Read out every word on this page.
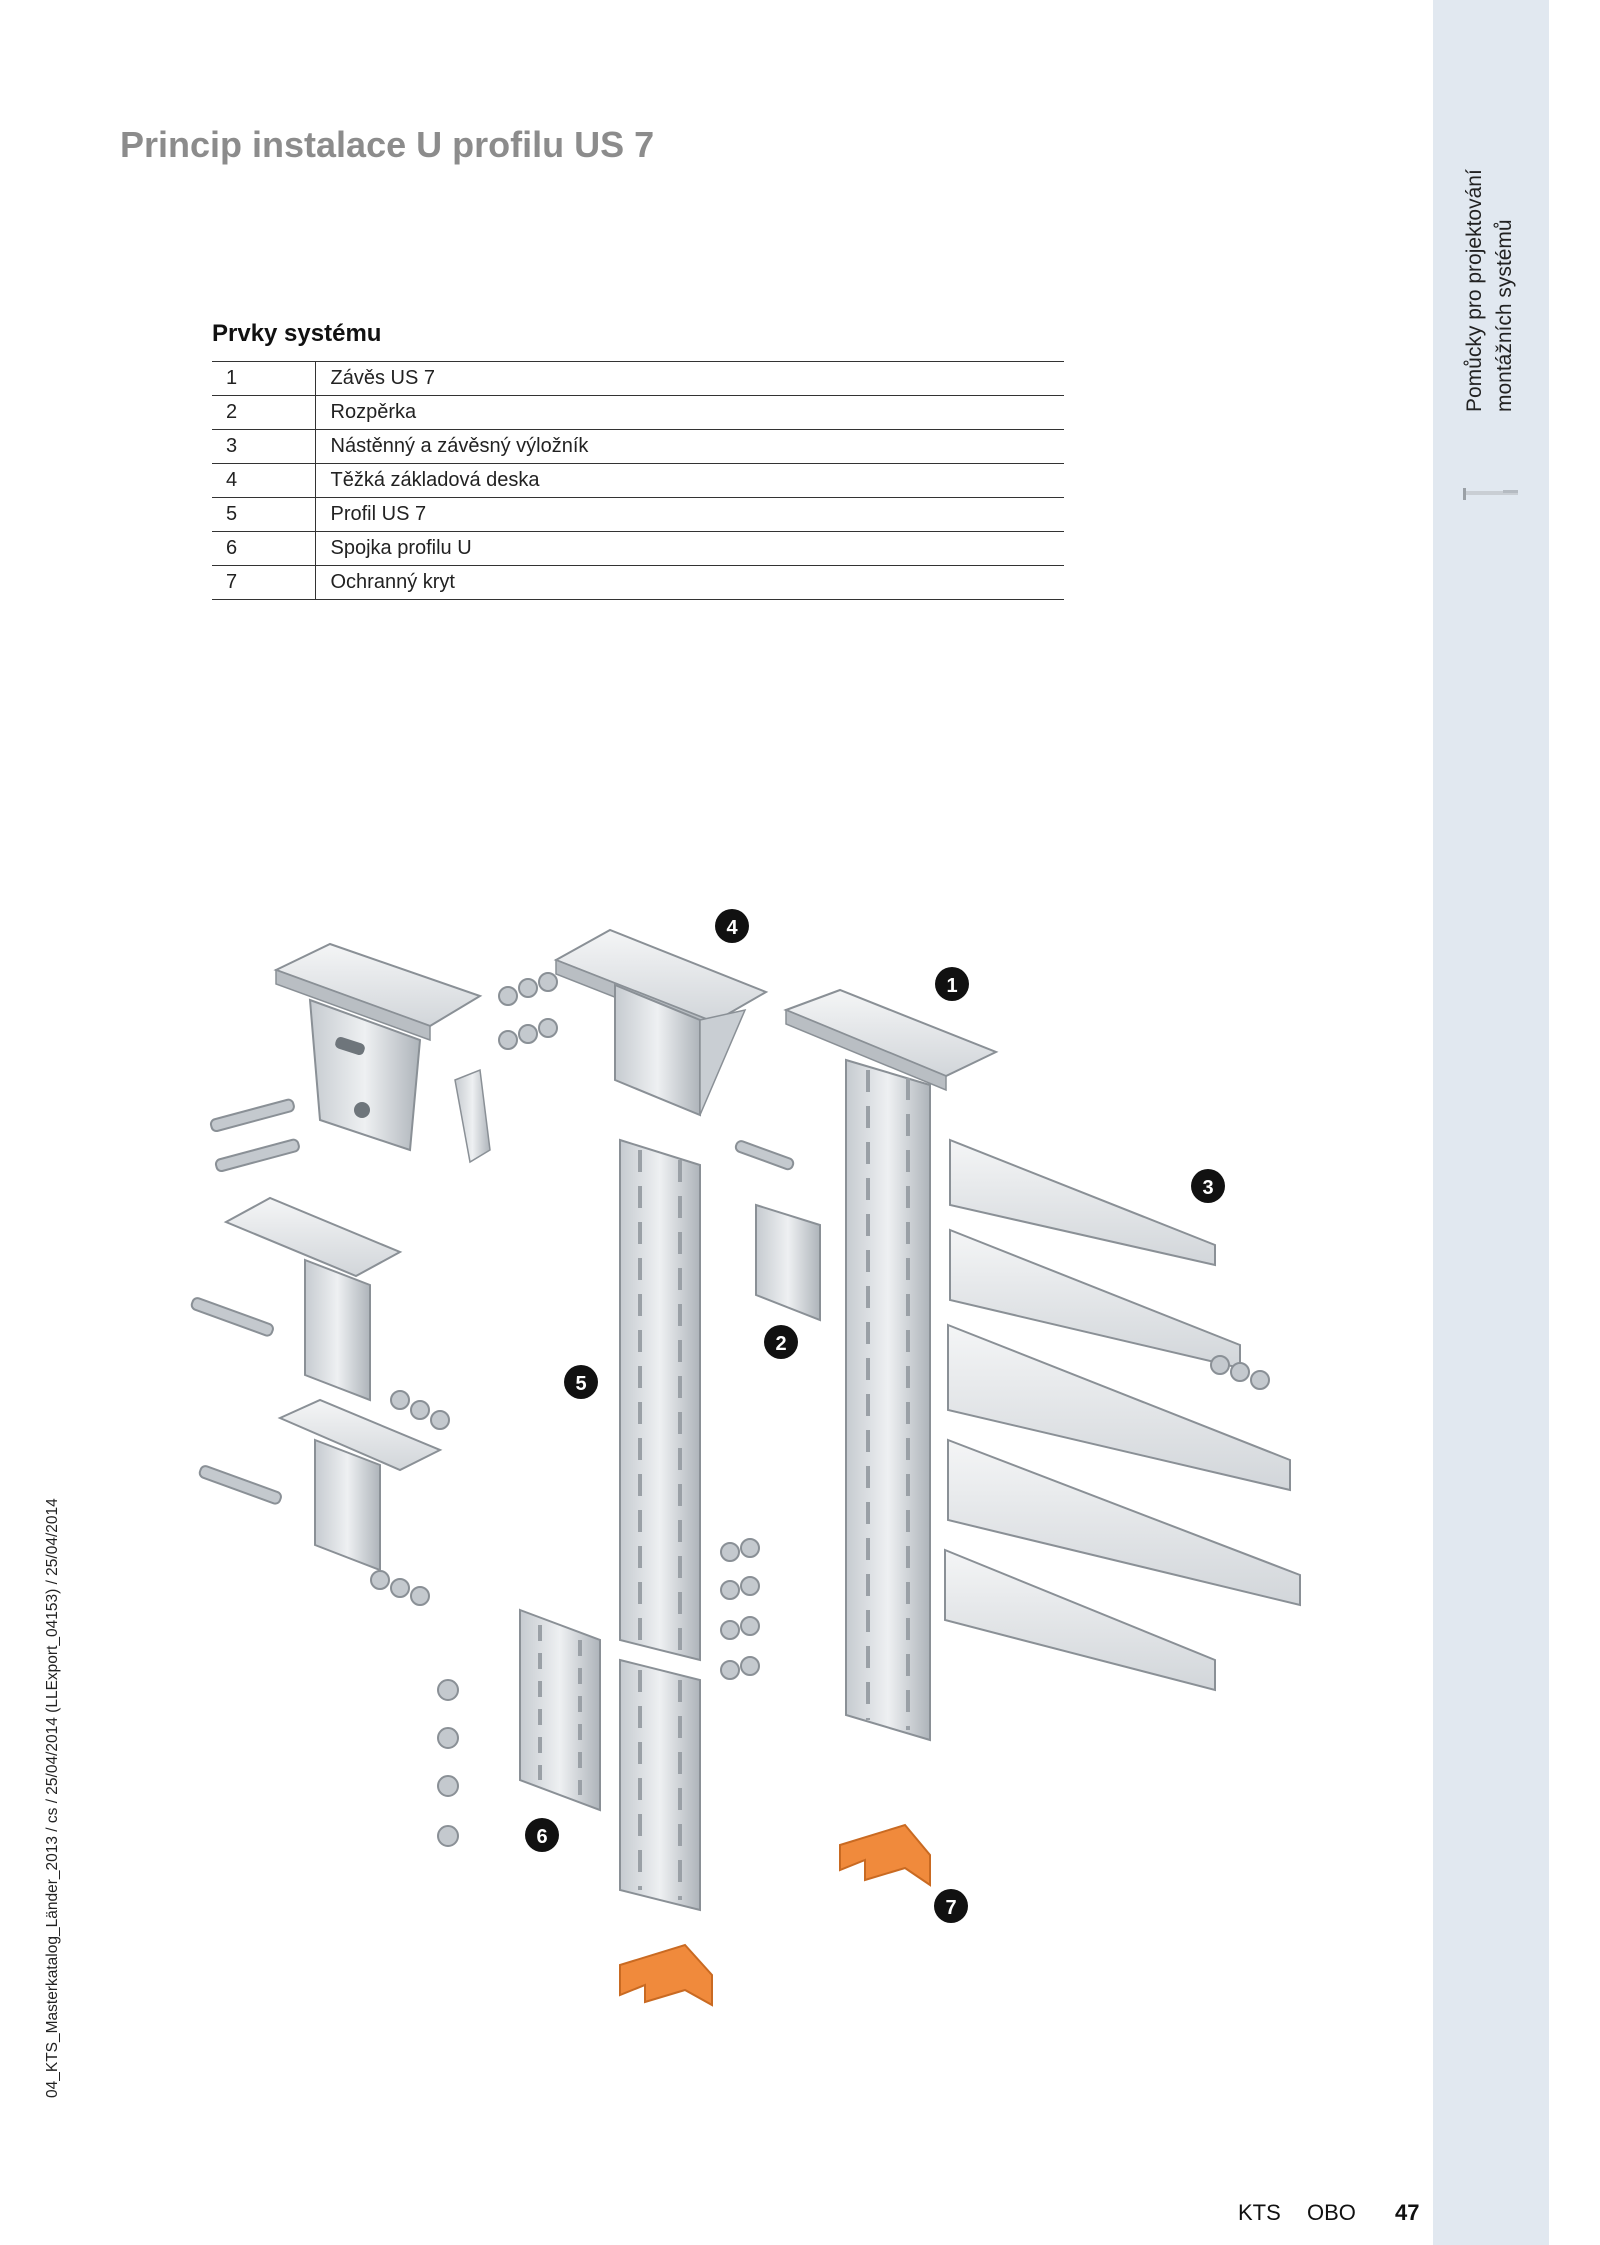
Pomůcky pro projektování montážních systémů
Princip instalace U profilu US 7
Prvky systému
1	Závěs US 7
2	Rozpěrka
3	Nástěnný a závěsný výložník
4	Těžká základová deska
5	Profil US 7
6	Spojka profilu U
7	Ochranný kryt
4
1
3
2
5
6
7
04_KTS_Masterkatalog_Länder_2013 / cs / 25/04/2014 (LLExport_04153) / 25/04/2014
KTS OBO 47
